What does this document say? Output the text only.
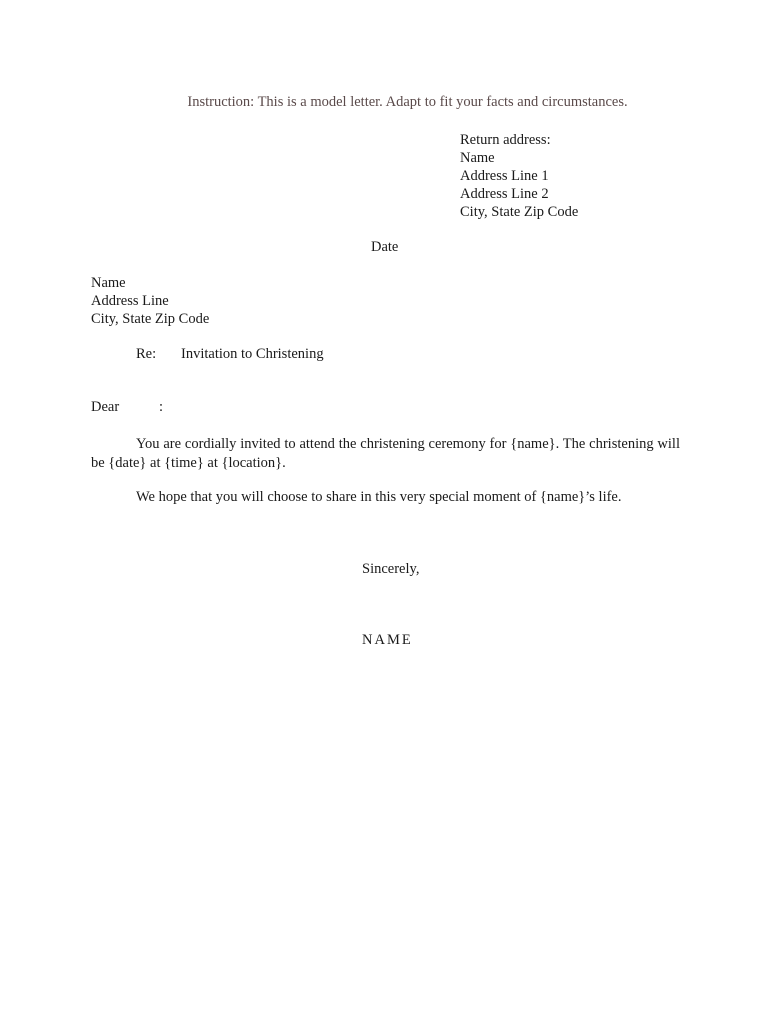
Instruction: This is a model letter. Adapt to fit your facts and circumstances.
Return address:
Name
Address Line 1
Address Line 2
City, State Zip Code
Date
Name
Address Line
City, State Zip Code
Re: Invitation to Christening
Dear	:
You are cordially invited to attend the christening ceremony for {name}. The christening will be {date} at {time} at {location}.
We hope that you will choose to share in this very special moment of {name}’s life.
Sincerely,
NAME
